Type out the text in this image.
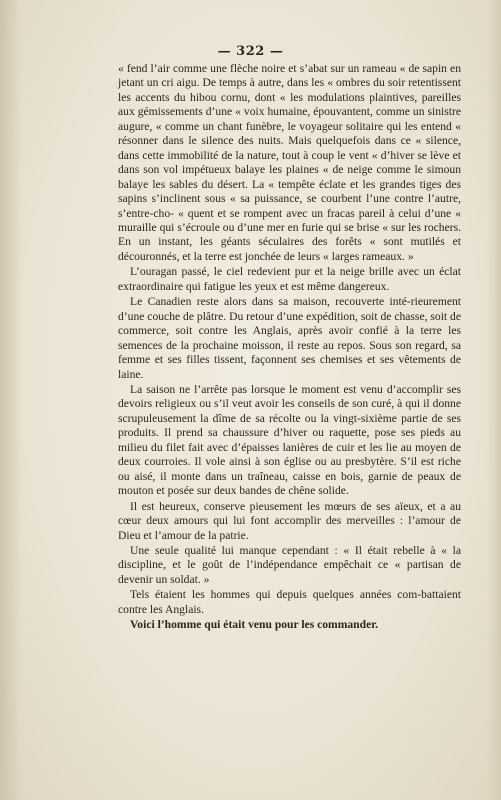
— 322 —

« fend l’air comme une flèche noire et s’abat sur un rameau « de sapin en jetant un cri aigu. De temps à autre, dans les « ombres du soir retentissent les accents du hibou cornu, dont « les modulations plaintives, pareilles aux gémissements d’une « voix humaine, épouvantent, comme un sinistre augure, « comme un chant funèbre, le voyageur solitaire qui les entend « résonner dans le silence des nuits. Mais quelquefois dans ce « silence, dans cette immobilité de la nature, tout à coup le vent « d’hiver se lève et dans son vol impétueux balaye les plaines « de neige comme le simoun balaye les sables du désert. La « tempête éclate et les grandes tiges des sapins s’inclinent sous « sa puissance, se courbent l’une contre l’autre, s’entre-cho- « quent et se rompent avec un fracas pareil à celui d’une « muraille qui s’écroule ou d’une mer en furie qui se brise « sur les rochers. En un instant, les géants séculaires des forêts « sont mutilés et découronnés, et la terre est jonchée de leurs « larges rameaux. »

L’ouragan passé, le ciel redevient pur et la neige brille avec un éclat extraordinaire qui fatigue les yeux et est même dangereux.

Le Canadien reste alors dans sa maison, recouverte inté-rieurement d’une couche de plâtre. Du retour d’une expédition, soit de chasse, soit de commerce, soit contre les Anglais, après avoir confié à la terre les semences de la prochaine moisson, il reste au repos. Sous son regard, sa femme et ses filles tissent, façonnent ses chemises et ses vêtements de laine.

La saison ne l’arrête pas lorsque le moment est venu d’accomplir ses devoirs religieux ou s’il veut avoir les conseils de son curé, à qui il donne scrupuleusement la dîme de sa récolte ou la vingt-sixième partie de ses produits. Il prend sa chaussure d’hiver ou raquette, pose ses pieds au milieu du filet fait avec d’épaisses lanières de cuir et les lie au moyen de deux courroies. Il vole ainsi à son église ou au presbytère. S’il est riche ou aisé, il monte dans un traîneau, caisse en bois, garnie de peaux de mouton et posée sur deux bandes de chêne solide.

Il est heureux, conserve pieusement les mœurs de ses aïeux, et a au cœur deux amours qui lui font accomplir des merveilles : l’amour de Dieu et l’amour de la patrie.

Une seule qualité lui manque cependant : « Il était rebelle à « la discipline, et le goût de l’indépendance empêchait ce « partisan de devenir un soldat. »

Tels étaient les hommes qui depuis quelques années com-battaient contre les Anglais.

Voici l’homme qui était venu pour les commander.
